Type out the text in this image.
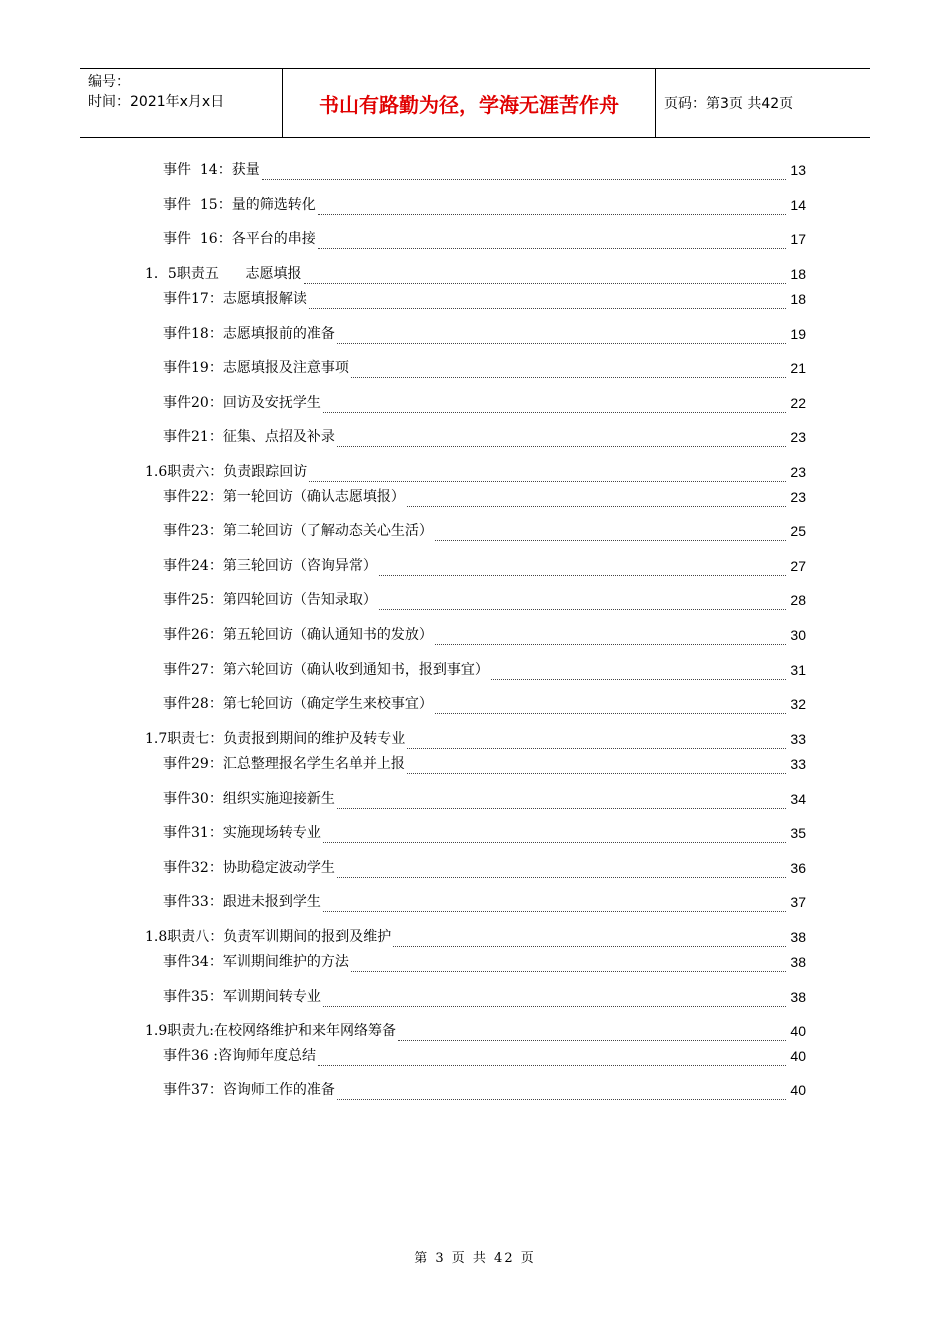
编号：
时间：2021年x月x日	书山有路勤为径，学海无涯苦作舟	页码：第3页 共42页
事件  14：获量	13
事件  15：量的筛选转化	14
事件  16：各平台的串接	17
1．5职责五      志愿填报	18
事件17：志愿填报解读	18
事件18：志愿填报前的准备	19
事件19：志愿填报及注意事项	21
事件20：回访及安抚学生	22
事件21：征集、点招及补录	23
1.6职责六：负责跟踪回访	23
事件22：第一轮回访（确认志愿填报）	23
事件23：第二轮回访（了解动态关心生活）	25
事件24：第三轮回访（咨询异常）	27
事件25：第四轮回访（告知录取）	28
事件26：第五轮回访（确认通知书的发放）	30
事件27：第六轮回访（确认收到通知书，报到事宜）	31
事件28：第七轮回访（确定学生来校事宜）	32
1.7职责七：负责报到期间的维护及转专业	33
事件29：汇总整理报名学生名单并上报	33
事件30：组织实施迎接新生	34
事件31：实施现场转专业	35
事件32：协助稳定波动学生	36
事件33：跟进未报到学生	37
1.8职责八：负责军训期间的报到及维护	38
事件34：军训期间维护的方法	38
事件35：军训期间转专业	38
1.9职责九:在校网络维护和来年网络筹备	40
事件36 :咨询师年度总结	40
事件37：咨询师工作的准备	40
第 3 页 共 42 页
